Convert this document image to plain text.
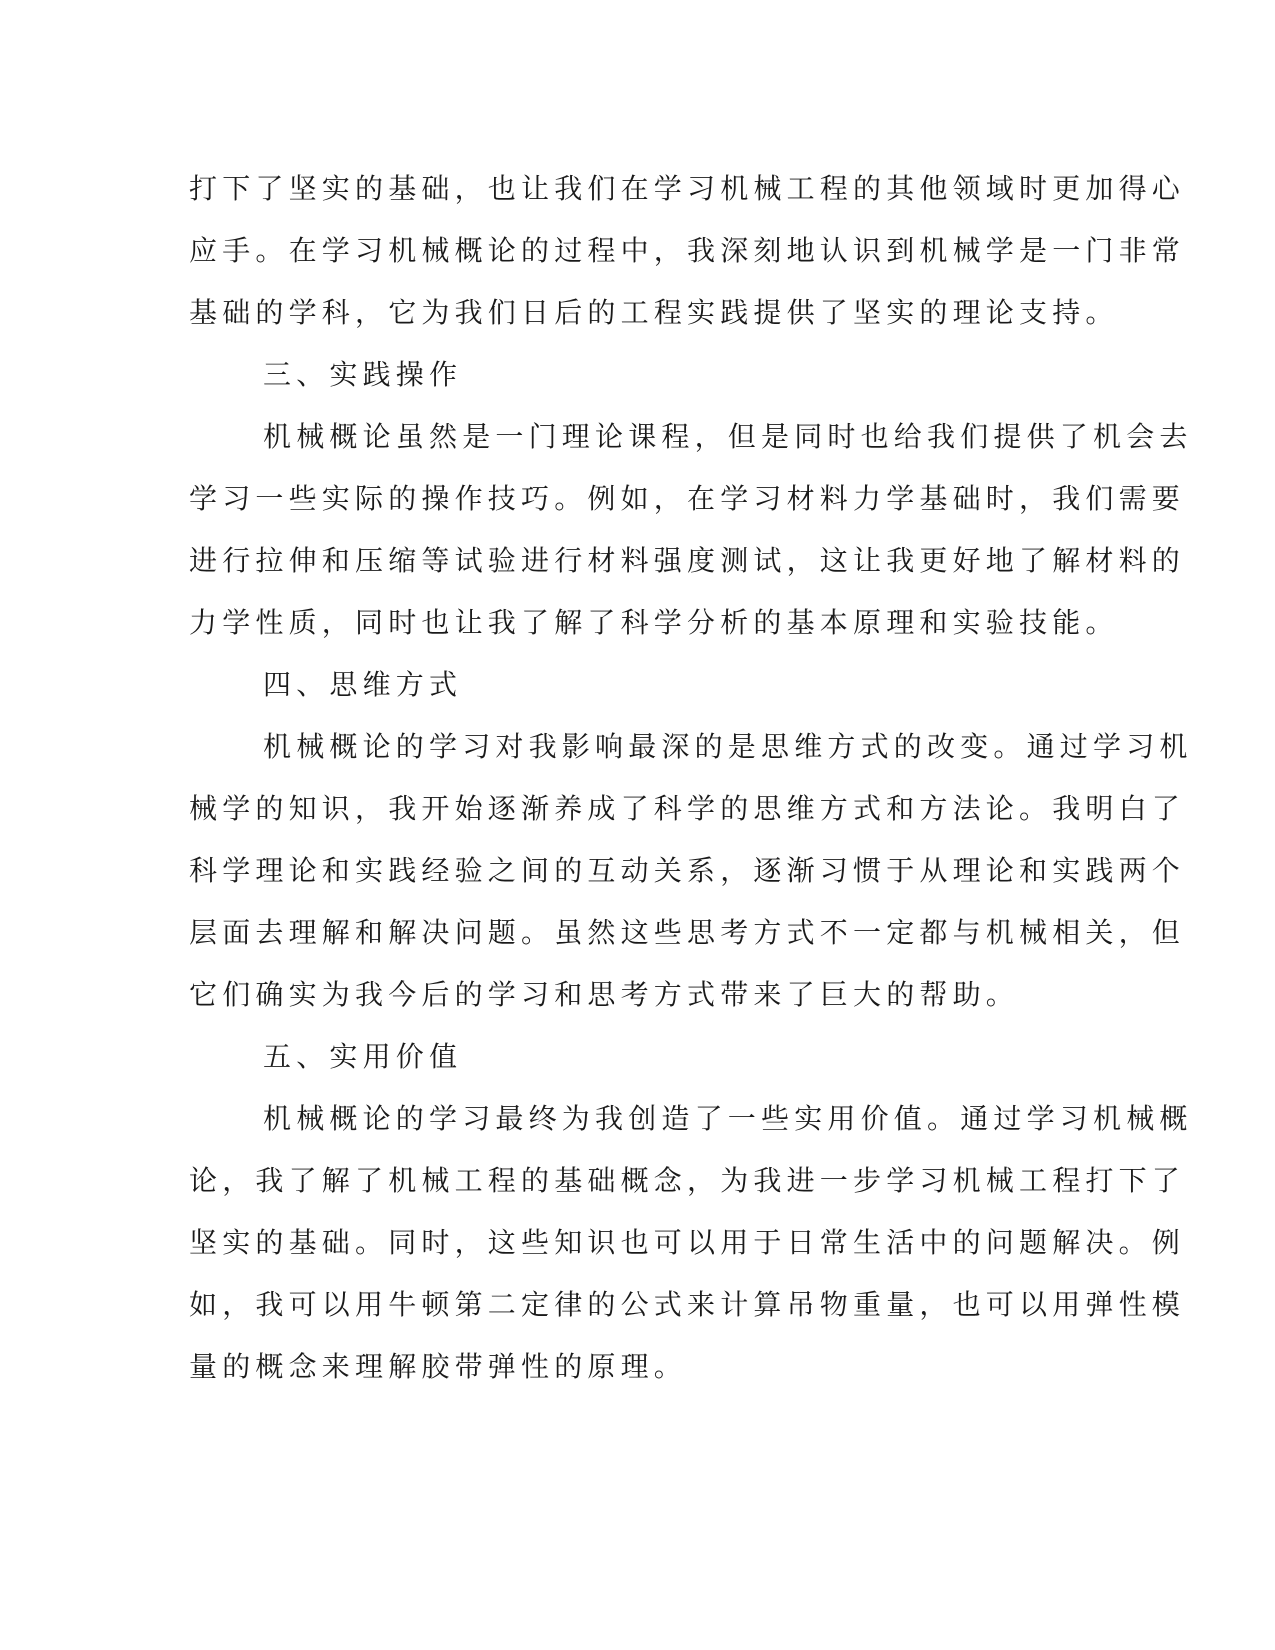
打下了坚实的基础，也让我们在学习机械工程的其他领域时更加得心
应手。在学习机械概论的过程中，我深刻地认识到机械学是一门非常
基础的学科，它为我们日后的工程实践提供了坚实的理论支持。
三、实践操作
机械概论虽然是一门理论课程，但是同时也给我们提供了机会去
学习一些实际的操作技巧。例如，在学习材料力学基础时，我们需要
进行拉伸和压缩等试验进行材料强度测试，这让我更好地了解材料的
力学性质，同时也让我了解了科学分析的基本原理和实验技能。
四、思维方式
机械概论的学习对我影响最深的是思维方式的改变。通过学习机
械学的知识，我开始逐渐养成了科学的思维方式和方法论。我明白了
科学理论和实践经验之间的互动关系，逐渐习惯于从理论和实践两个
层面去理解和解决问题。虽然这些思考方式不一定都与机械相关，但
它们确实为我今后的学习和思考方式带来了巨大的帮助。
五、实用价值
机械概论的学习最终为我创造了一些实用价值。通过学习机械概
论，我了解了机械工程的基础概念，为我进一步学习机械工程打下了
坚实的基础。同时，这些知识也可以用于日常生活中的问题解决。例
如，我可以用牛顿第二定律的公式来计算吊物重量，也可以用弹性模
量的概念来理解胶带弹性的原理。
